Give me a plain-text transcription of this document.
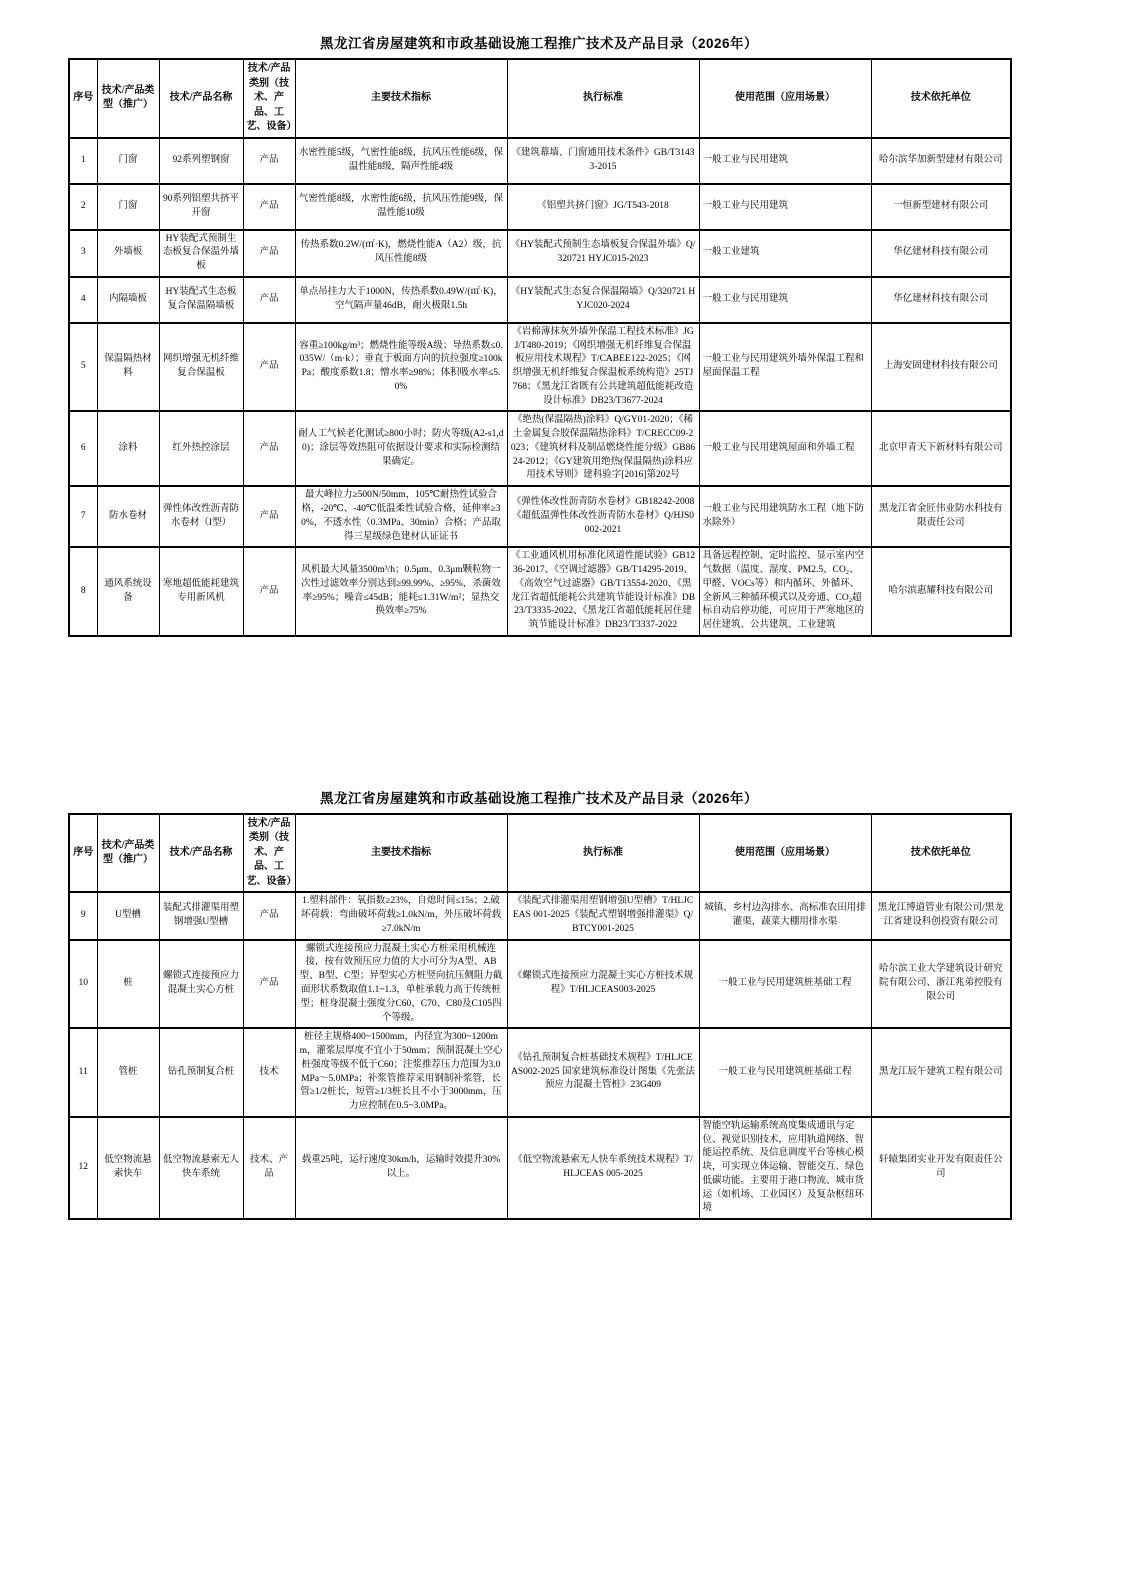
黑龙江省房屋建筑和市政基础设施工程推广技术及产品目录（2026年）
序号	技术/产品类型（推广）	技术/产品名称	技术/产品类别（技术、产品、工艺、设备）	主要技术指标	执行标准	使用范围（应用场景）	技术依托单位
1	门窗	92系列塑钢窗	产品	水密性能5级，气密性能8级，抗风压性能6级，保温性能8级，隔声性能4级	《建筑幕墙、门窗通用技术条件》GB/T31433-2015	一般工业与民用建筑	哈尔滨华加新型建材有限公司
2	门窗	90系列铝塑共挤平开窗	产品	气密性能8级，水密性能6级，抗风压性能9级，保温性能10级	《铝塑共挤门窗》JG/T543-2018	一般工业与民用建筑	一恒新型建材有限公司
3	外墙板	HY装配式预制生态板复合保温外墙板	产品	传热系数0.2W/(㎡·K)，燃烧性能A（A2）级，抗风压性能8级	《HY装配式预制生态墙板复合保温外墙》Q/320721 HYJC015-2023	一般工业建筑	华亿建材科技有限公司
4	内隔墙板	HY装配式生态板复合保温隔墙板	产品	单点吊挂力大于1000N，传热系数0.49W/(㎡·K)，空气隔声量46dB，耐火极限1.5h	《HY装配式生态复合保温隔墙》Q/320721 HYJC020-2024	一般工业与民用建筑	华亿建材科技有限公司
5	保温隔热材料	网织增强无机纤维复合保温板	产品	容重≥100kg/m³；燃烧性能等级A级；导热系数≤0.035W/（m·k）；垂直于板面方向的抗拉强度≥100kPa；酸度系数1.8；憎水率≥98%；体积吸水率≤5.0%	《岩棉薄抹灰外墙外保温工程技术标准》JGJ/T480-2019；《网织增强无机纤维复合保温板应用技术规程》T/CABEE122-2025；《网织增强无机纤维复合保温板系统构造》25TJ768；《黑龙江省既有公共建筑超低能耗改造设计标准》DB23/T3677-2024	一般工业与民用建筑外墙外保温工程和屋面保温工程	上海安固建材科技有限公司
6	涂料	红外热控涂层	产品	耐人工气候老化测试≥800小时；防火等级(A2-s1,d0)；涂层等效热阻可依据设计要求和实际检测结果确定。	《绝热(保温隔热)涂料》Q/GY01-2020；《稀土金属复合胶保温隔热涂料》T/CRECC09-2023；《建筑材料及制品燃烧性能分级》GB8624-2012；《GY建筑用绝热(保温隔热)涂料应用技术导则》建科验字[2016]第202号	一般工业与民用建筑屋面和外墙工程	北京甲青天下新材料有限公司
7	防水卷材	弹性体改性沥青防水卷材（I型）	产品	最大峰拉力≥500N/50mm，105℃耐热性试验合格，-20℃、-40℃低温柔性试验合格，延伸率≥30%，不透水性（0.3MPa、30min）合格；产品取得三星级绿色建材认证证书	《弹性体改性沥青防水卷材》GB18242-2008《超低温弹性体改性沥青防水卷材》Q/HJS0002-2021	一般工业与民用建筑防水工程（地下防水除外）	黑龙江省金匠伟业防水科技有限责任公司
8	通风系统设备	寒地超低能耗建筑专用新风机	产品	风机最大风量3500m³/h；0.5μm、0.3μm颗粒物一次性过滤效率分别达到≥99.99%、≥95%，杀菌效率≥95%；噪音≤45dB；能耗≤1.31W/m²；显热交换效率≥75%	《工业通风机用标准化风道性能试验》GB1236-2017、《空调过滤器》GB/T14295-2019、《高效空气过滤器》GB/T13554-2020、《黑龙江省超低能耗公共建筑节能设计标准》DB23/T3335-2022、《黑龙江省超低能耗居住建筑节能设计标准》DB23/T3337-2022	具备远程控制、定时监控、显示室内空气数据（温度、湿度、PM2.5、CO₂、甲醛、VOCs等）和内循环、外循环、全新风三种循环模式以及旁通、CO₂超标自动启停功能，可应用于严寒地区的居住建筑、公共建筑、工业建筑	哈尔滨惠耀科技有限公司
黑龙江省房屋建筑和市政基础设施工程推广技术及产品目录（2026年）
序号	技术/产品类型（推广）	技术/产品名称	技术/产品类别（技术、产品、工艺、设备）	主要技术指标	执行标准	使用范围（应用场景）	技术依托单位
9	U型槽	装配式排灌渠用塑钢增强U型槽	产品	1.塑料部件：氧指数≥23%，自熄时间≤15s；2.破坏荷载：弯曲破坏荷载≥1.0kN/m，外压破坏荷载≥7.0kN/m	《装配式排灌渠用塑钢增强U型槽》T/HLJCEAS 001-2025《装配式塑钢增强排灌渠》Q/BTCY001-2025	城镇、乡村边沟排水、高标准农田用排灌渠，蔬菜大棚用排水渠	黑龙江博道管业有限公司/黑龙江省建设科创投资有限公司
10	桩	螺锁式连接预应力混凝土实心方桩	产品	螺锁式连接预应力混凝土实心方桩采用机械连接，按有效预压应力值的大小可分为A型、AB型、B型、C型；异型实心方桩竖向抗压侧阻力截面形状系数取值1.1~1.3，单桩承载力高于传统桩型；桩身混凝土强度分C60、C70、C80及C105四个等级。	《螺锁式连接预应力混凝土实心方桩技术规程》T/HLJCEAS003-2025	一般工业与民用建筑桩基础工程	哈尔滨工业大学建筑设计研究院有限公司、浙江兆弟控股有限公司
11	管桩	钻孔预制复合桩	技术	桩径主规格400~1500mm，内径宜为300~1200mm，灌浆层厚度不宜小于50mm；预制混凝土空心桩强度等级不低于C60；注浆推荐压力范围为3.0MPa～5.0MPa；补浆管推荐采用钢制补浆管，长管≥1/2桩长，短管≥1/3桩长且不小于3000mm，压力应控制在0.5~3.0MPa。	《钻孔预制复合桩基础技术规程》T/HLJCEAS002-2025 国家建筑标准设计图集《先张法预应力混凝土管桩》23G409	一般工业与民用建筑桩基础工程	黑龙江辰午建筑工程有限公司
12	低空物流悬索快车	低空物流悬索无人快车系统	技术、产品	载重25吨，运行速度30km/h，运输时效提升30%以上。	《低空物流悬索无人快车系统技术规程》T/HLJCEAS 005-2025	智能空轨运输系统高度集成通讯与定位、视觉识别技术，应用轨道网络、智能运控系统、及信息调度平台等核心模块，可实现立体运输、智能交互、绿色低碳功能。主要用于港口物流、城市货运（如机场、工业园区）及复杂枢纽环境	轩辕集团实业开发有限责任公司
